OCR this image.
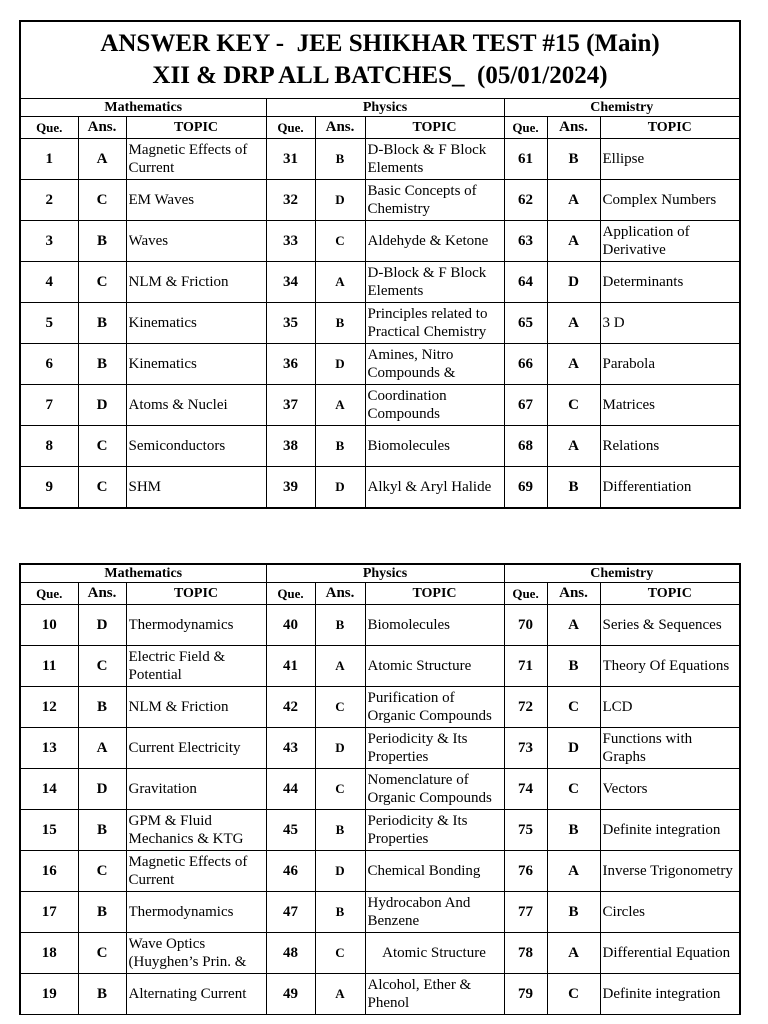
ANSWER KEY -  JEE SHIKHAR TEST #15 (Main)
XII & DRP ALL BATCHES_  (05/01/2024)								

Mathematics			Physics			Chemistry		
Que.	Ans.	TOPIC	Que.	Ans.	TOPIC	Que.	Ans.	TOPIC
1	A	Magnetic Effects of Current	31	B	D-Block & F Block Elements	61	B	Ellipse

2	C	EM Waves	32	D	Basic Concepts of Chemistry	62	A	Complex Numbers

3	B	Waves	33	C	Aldehyde & Ketone	63	A	Application of Derivative

4	C	NLM & Friction	34	A	D-Block & F Block Elements	64	D	Determinants

5	B	Kinematics	35	B	Principles related to Practical Chemistry	65	A	3 D

6	B	Kinematics	36	D	Amines, Nitro Compounds &	66	A	Parabola

7	D	Atoms & Nuclei	37	A	Coordination Compounds	67	C	Matrices

8	C	Semiconductors	38	B	Biomolecules	68	A	Relations

9	C	SHM	39	D	Alkyl & Aryl Halide	69	B	Differentiation
Mathematics			Physics			Chemistry		
Que.	Ans.	TOPIC	Que.	Ans.	TOPIC	Que.	Ans.	TOPIC
10	D	Thermodynamics	40	B	Biomolecules	70	A	Series & Sequences

11	C	Electric Field & Potential	41	A	Atomic Structure	71	B	Theory Of Equations

12	B	NLM & Friction	42	C	Purification of Organic Compounds	72	C	LCD

13	A	Current Electricity	43	D	Periodicity & Its Properties	73	D	Functions with Graphs

14	D	Gravitation	44	C	Nomenclature of Organic Compounds	74	C	Vectors

15	B	GPM & Fluid Mechanics & KTG	45	B	Periodicity & Its Properties	75	B	Definite integration

16	C	Magnetic Effects of Current	46	D	Chemical Bonding	76	A	Inverse Trigonometry

17	B	Thermodynamics	47	B	Hydrocabon And Benzene	77	B	Circles

18	C	Wave Optics (Huyghen’s Prin. &	48	C	Atomic Structure	78	A	Differential Equation

19	B	Alternating Current	49	A	Alcohol, Ether & Phenol	79	C	Definite integration
